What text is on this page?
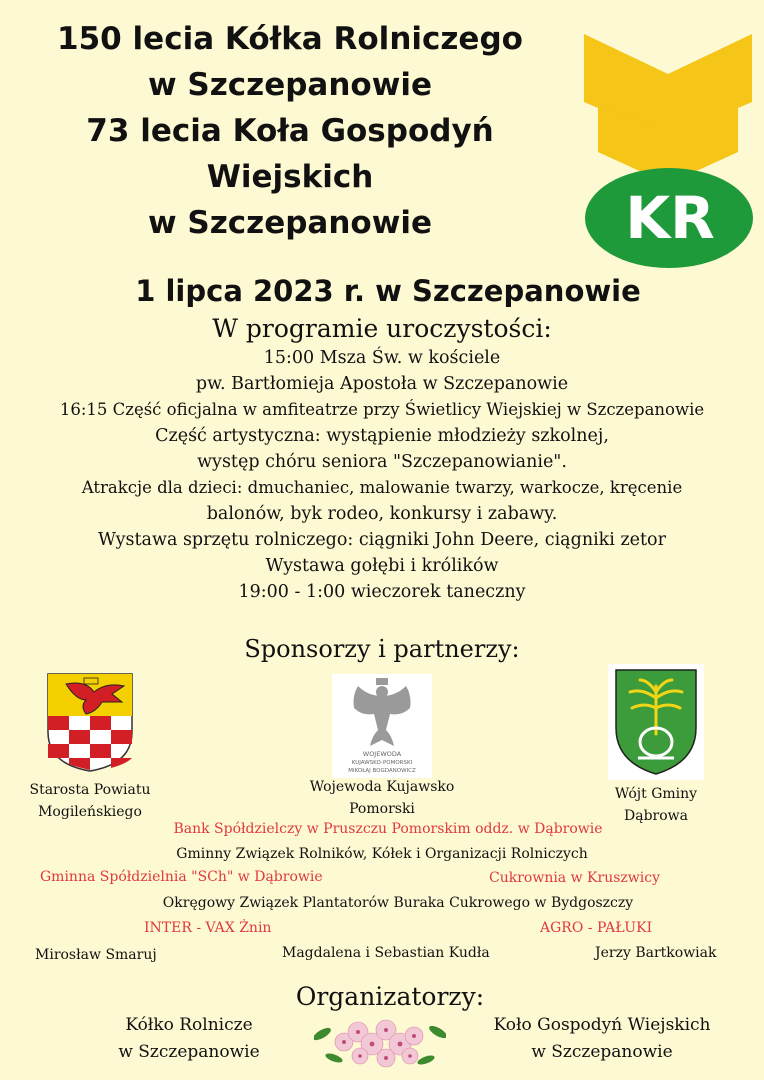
150 lecia Kółka Rolniczego
w Szczepanowie
73 lecia Koła Gospodyń
Wiejskich
w Szczepanowie	KR
1 lipca 2023 r. w Szczepanowie
W programie uroczystości:
15:00 Msza Św. w kościele
pw. Bartłomieja Apostoła w Szczepanowie
16:15 Część oficjalna w amfiteatrze przy Świetlicy Wiejskiej w Szczepanowie
Część artystyczna: wystąpienie młodzieży szkolnej,
występ chóru seniora "Szczepanowianie".
Atrakcje dla dzieci: dmuchaniec, malowanie twarzy, warkocze, kręcenie
balonów, byk rodeo, konkursy i zabawy.
Wystawa sprzętu rolniczego: ciągniki John Deere, ciągniki zetor
Wystawa gołębi i królików
19:00 - 1:00 wieczorek taneczny
Sponsorzy i partnerzy:
Starosta Powiatu
Mogileńskiego
WOJEWODA
KUJAWSKO-POMORSKI
MIKOŁAJ BOGDANOWICZ
Wojewoda Kujawsko
Pomorski
Wójt Gminy
Dąbrowa
Bank Spółdzielczy w Pruszczu Pomorskim oddz. w Dąbrowie
Gminny Związek Rolników, Kółek i Organizacji Rolniczych
Gminna Spółdzielnia "SCh" w Dąbrowie	Cukrownia w Kruszwicy
Okręgowy Związek Plantatorów Buraka Cukrowego w Bydgoszczy
INTER - VAX Żnin	AGRO - PAŁUKI
Mirosław Smaruj	Magdalena i Sebastian Kudła	Jerzy Bartkowiak
Organizatorzy:
Kółko Rolnicze
w Szczepanowie
Koło Gospodyń Wiejskich
w Szczepanowie
